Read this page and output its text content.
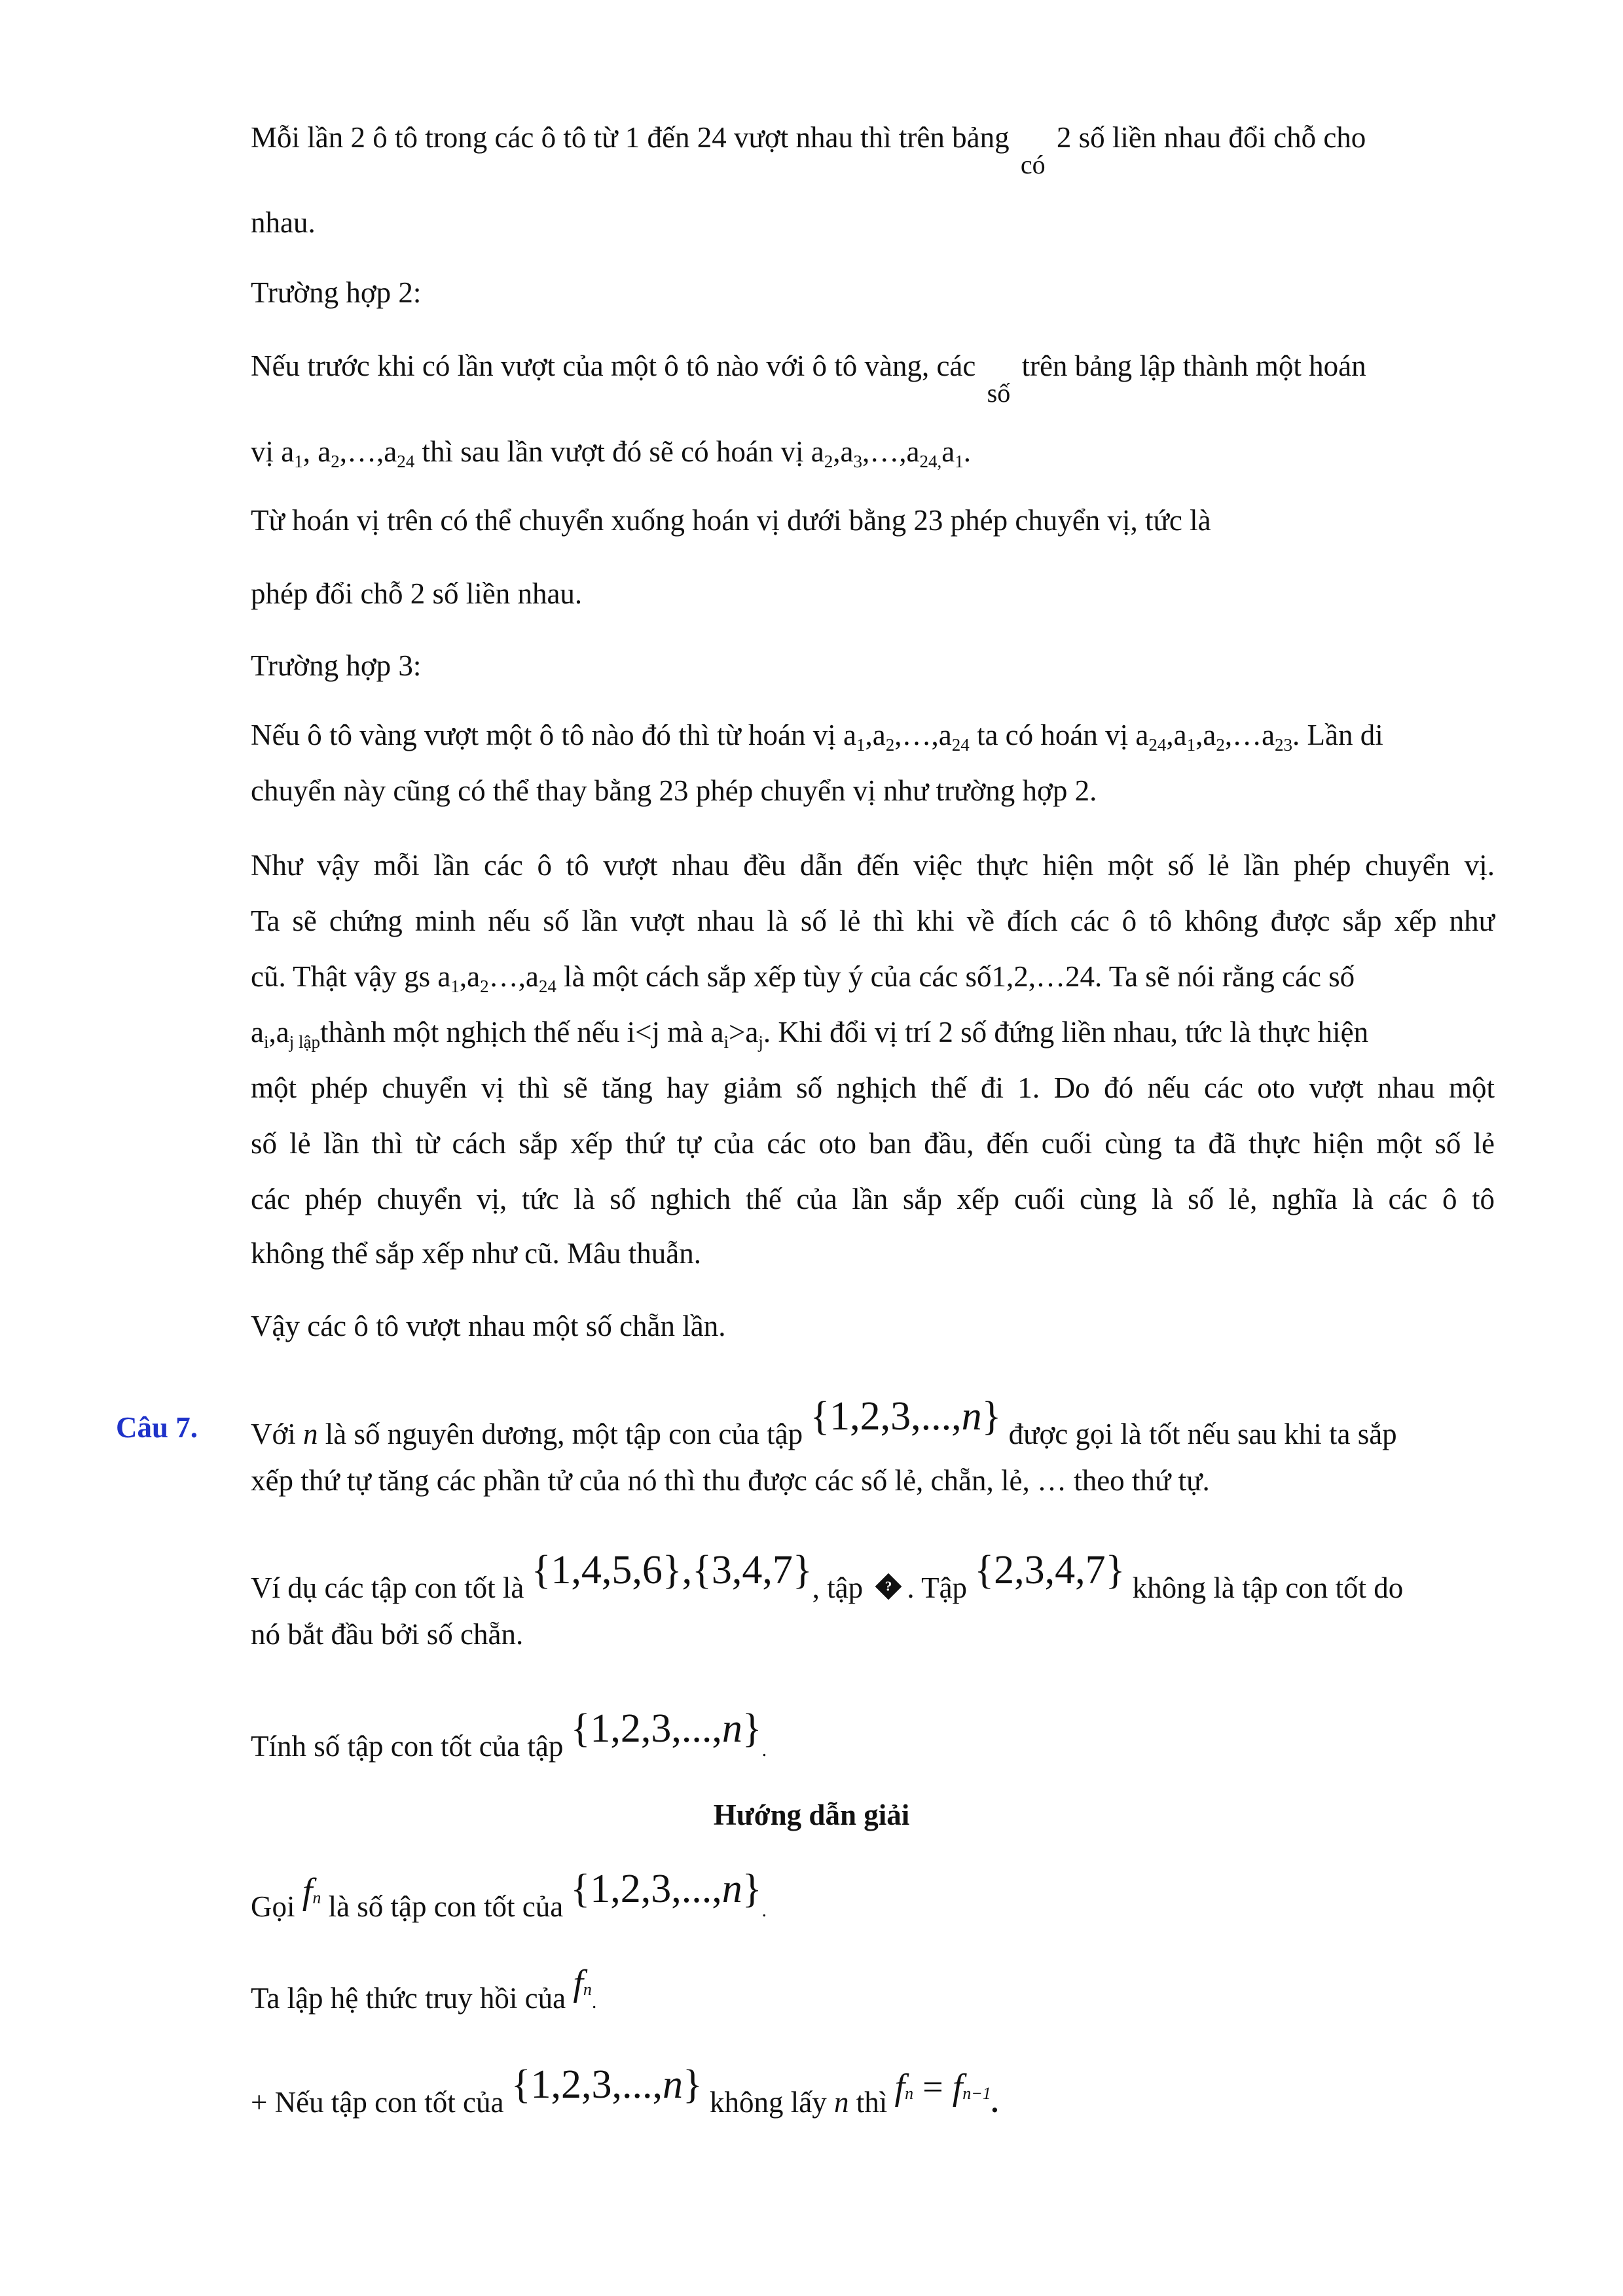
Mỗi lần 2 ô tô trong các ô tô từ 1 đến 24 vượt nhau thì trên bảng có 2 số liền nhau đổi chỗ cho
nhau.
Trường hợp 2:
Nếu trước khi có lần vượt của một ô tô nào với ô tô vàng, các số trên bảng lập thành một hoán
vị $a_1$, $a_2,\dots,a_{24}$ thì sau lần vượt đó sẽ có hoán vị $a_2,a_3,\dots,a_{24,}a_1$.
Từ hoán vị trên có thể chuyển xuống hoán vị dưới bằng 23 phép chuyển vị, tức là
phép đổi chỗ 2 số liền nhau.
Trường hợp 3:
Nếu ô tô vàng vượt một ô tô nào đó thì từ hoán vị $a_1,a_2,\dots,a_{24}$ ta có hoán vị $a_{24},a_1,a_2,\dots a_{23}$. Lần di
chuyển này cũng có thể thay bằng 23 phép chuyển vị như trường hợp 2.
Như vậy mỗi lần các ô tô vượt nhau đều dẫn đến việc thực hiện một số lẻ lần phép chuyển vị.
Ta sẽ chứng minh nếu số lần vượt nhau là số lẻ thì khi về đích các ô tô không được sắp xếp như
cũ. Thật vậy gs $a_1,a_2\dots,a_{24}$ là một cách sắp xếp tùy ý của các số1,2,…24. Ta sẽ nói rằng các số
$a_i,a_{j lập}thành$ một nghịch thế nếu i<j mà $a_i>a_j$. Khi đổi vị trí 2 số đứng liền nhau, tức là thực hiện
một phép chuyển vị thì sẽ tăng hay giảm số nghịch thế đi 1. Do đó nếu các oto vượt nhau một
số lẻ lần thì từ cách sắp xếp thứ tự của các oto ban đầu, đến cuối cùng ta đã thực hiện một số lẻ
các phép chuyển vị, tức là số nghich thế của lần sắp xếp cuối cùng là số lẻ, nghĩa là các ô tô
không thể sắp xếp như cũ. Mâu thuẫn.
Vậy các ô tô vượt nhau một số chẵn lần.
Câu 7. Với n là số nguyên dương, một tập con của tập {1,2,3,...,n} được gọi là tốt nếu sau khi ta sắp
xếp thứ tự tăng các phần tử của nó thì thu được các số lẻ, chẵn, lẻ, … theo thứ tự.
Ví dụ các tập con tốt là {1,4,5,6},{3,4,7}, tập ? . Tập {2,3,4,7} không là tập con tốt do
nó bắt đầu bởi số chẵn.
Tính số tập con tốt của tập {1,2,3,...,n}.
Hướng dẫn giải
Gọi fn là số tập con tốt của {1,2,3,...,n}.
Ta lập hệ thức truy hồi của fn.
+ Nếu tập con tốt của {1,2,3,...,n} không lấy n thì fn = fn−1.
